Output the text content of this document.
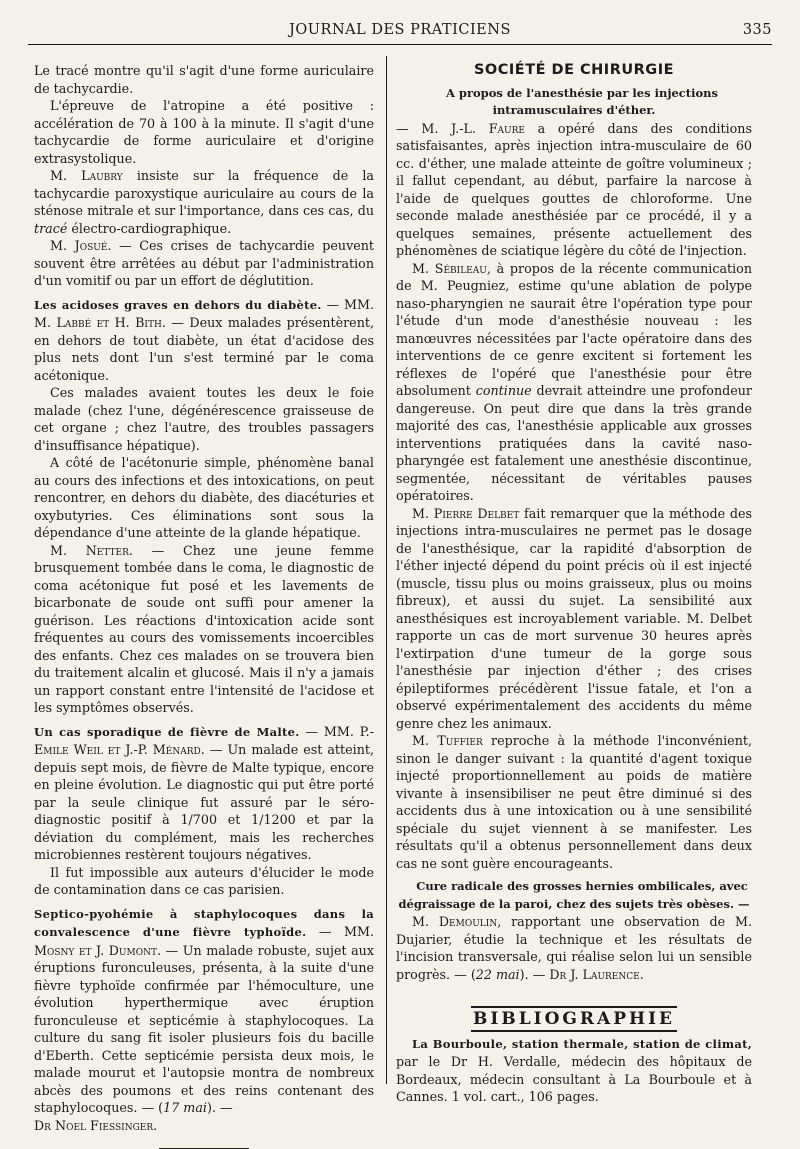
JOURNAL DES PRATICIENS	335

Le tracé montre qu'il s'agit d'une forme auriculaire de tachycardie.

L'épreuve de l'atropine a été positive : accélération de 70 à 100 à la minute. Il s'agit d'une tachycardie de forme auriculaire et d'origine extrasystolique.

M. Laubry insiste sur la fréquence de la tachycardie paroxystique auriculaire au cours de la sténose mitrale et sur l'importance, dans ces cas, du tracé électro-cardiographique.

M. Josué. — Ces crises de tachycardie peuvent souvent être arrêtées au début par l'administration d'un vomitif ou par un effort de déglutition.

Les acidoses graves en dehors du diabète. — MM. M. Labbé et H. Bith. — Deux malades présentèrent, en dehors de tout diabète, un état d'acidose des plus nets dont l'un s'est terminé par le coma acétonique.

Ces malades avaient toutes les deux le foie malade (chez l'une, dégénérescence graisseuse de cet organe ; chez l'autre, des troubles passagers d'insuffisance hépatique).

A côté de l'acétonurie simple, phénomène banal au cours des infections et des intoxications, on peut rencontrer, en dehors du diabète, des diacéturies et oxybutyries. Ces éliminations sont sous la dépendance d'une atteinte de la glande hépatique.

M. Netter. — Chez une jeune femme brusquement tombée dans le coma, le diagnostic de coma acétonique fut posé et les lavements de bicarbonate de soude ont suffi pour amener la guérison. Les réactions d'intoxication acide sont fréquentes au cours des vomissements incoercibles des enfants. Chez ces malades on se trouvera bien du traitement alcalin et glucosé. Mais il n'y a jamais un rapport constant entre l'intensité de l'acidose et les symptômes observés.

Un cas sporadique de fièvre de Malte. — MM. P.-Emile Weil et J.-P. Ménard. — Un malade est atteint, depuis sept mois, de fièvre de Malte typique, encore en pleine évolution. Le diagnostic qui put être porté par la seule clinique fut assuré par le séro-diagnostic positif à 1/700 et 1/1200 et par la déviation du complément, mais les recherches microbiennes restèrent toujours négatives.

Il fut impossible aux auteurs d'élucider le mode de contamination dans ce cas parisien.

Septico-pyohémie à staphylocoques dans la convalescence d'une fièvre typhoïde. — MM. Mosny et J. Dumont. — Un malade robuste, sujet aux éruptions furonculeuses, présenta, à la suite d'une fièvre typhoïde confirmée par l'hémoculture, une évolution hyperthermique avec éruption furonculeuse et septicémie à staphylocoques. La culture du sang fit isoler plusieurs fois du bacille d'Eberth. Cette septicémie persista deux mois, le malade mourut et l'autopsie montra de nombreux abcès des poumons et des reins contenant des staphylocoques. — (17 mai). —

Dr Noel Fiessinger.

SOCIÉTÉ DE CHIRURGIE

A propos de l'anesthésie par les injections intramusculaires d'éther.

— M. J.-L. Faure a opéré dans des conditions satisfaisantes, après injection intra-musculaire de 60 cc. d'éther, une malade atteinte de goître volumineux ; il fallut cependant, au début, parfaire la narcose à l'aide de quelques gouttes de chloroforme. Une seconde malade anesthésiée par ce procédé, il y a quelques semaines, présente actuellement des phénomènes de sciatique légère du côté de l'injection.

M. Sébileau, à propos de la récente communication de M. Peugniez, estime qu'une ablation de polype naso-pharyngien ne saurait être l'opération type pour l'étude d'un mode d'anesthésie nouveau : les manœuvres nécessitées par l'acte opératoire dans des interventions de ce genre excitent si fortement les réflexes de l'opéré que l'anesthésie pour être absolument continue devrait atteindre une profondeur dangereuse. On peut dire que dans la très grande majorité des cas, l'anesthésie applicable aux grosses interventions pratiquées dans la cavité naso-pharyngée est fatalement une anesthésie discontinue, segmentée, nécessitant de véritables pauses opératoires.

M. Pierre Delbet fait remarquer que la méthode des injections intra-musculaires ne permet pas le dosage de l'anesthésique, car la rapidité d'absorption de l'éther injecté dépend du point précis où il est injecté (muscle, tissu plus ou moins graisseux, plus ou moins fibreux), et aussi du sujet. La sensibilité aux anesthésiques est incroyablement variable. M. Delbet rapporte un cas de mort survenue 30 heures après l'extirpation d'une tumeur de la gorge sous l'anesthésie par injection d'éther ; des crises épileptiformes précédèrent l'issue fatale, et l'on a observé expérimentalement des accidents du même genre chez les animaux.

M. Tuffier reproche à la méthode l'inconvénient, sinon le danger suivant : la quantité d'agent toxique injecté proportionnellement au poids de matière vivante à insensibiliser ne peut être diminué si des accidents dus à une intoxication ou à une sensibilité spéciale du sujet viennent à se manifester. Les résultats qu'il a obtenus personnellement dans deux cas ne sont guère encourageants.

Cure radicale des grosses hernies ombilicales, avec dégraissage de la paroi, chez des sujets très obèses. —

M. Demoulin, rapportant une observation de M. Dujarier, étudie la technique et les résultats de l'incision transversale, qui réalise selon lui un sensible progrès. — (22 mai). — Dr J. Laurence.

BIBLIOGRAPHIE

La Bourboule, station thermale, station de climat, par le Dr H. Verdalle, médecin des hôpitaux de Bordeaux, médecin consultant à La Bourboule et à Cannes. 1 vol. cart., 106 pages.
